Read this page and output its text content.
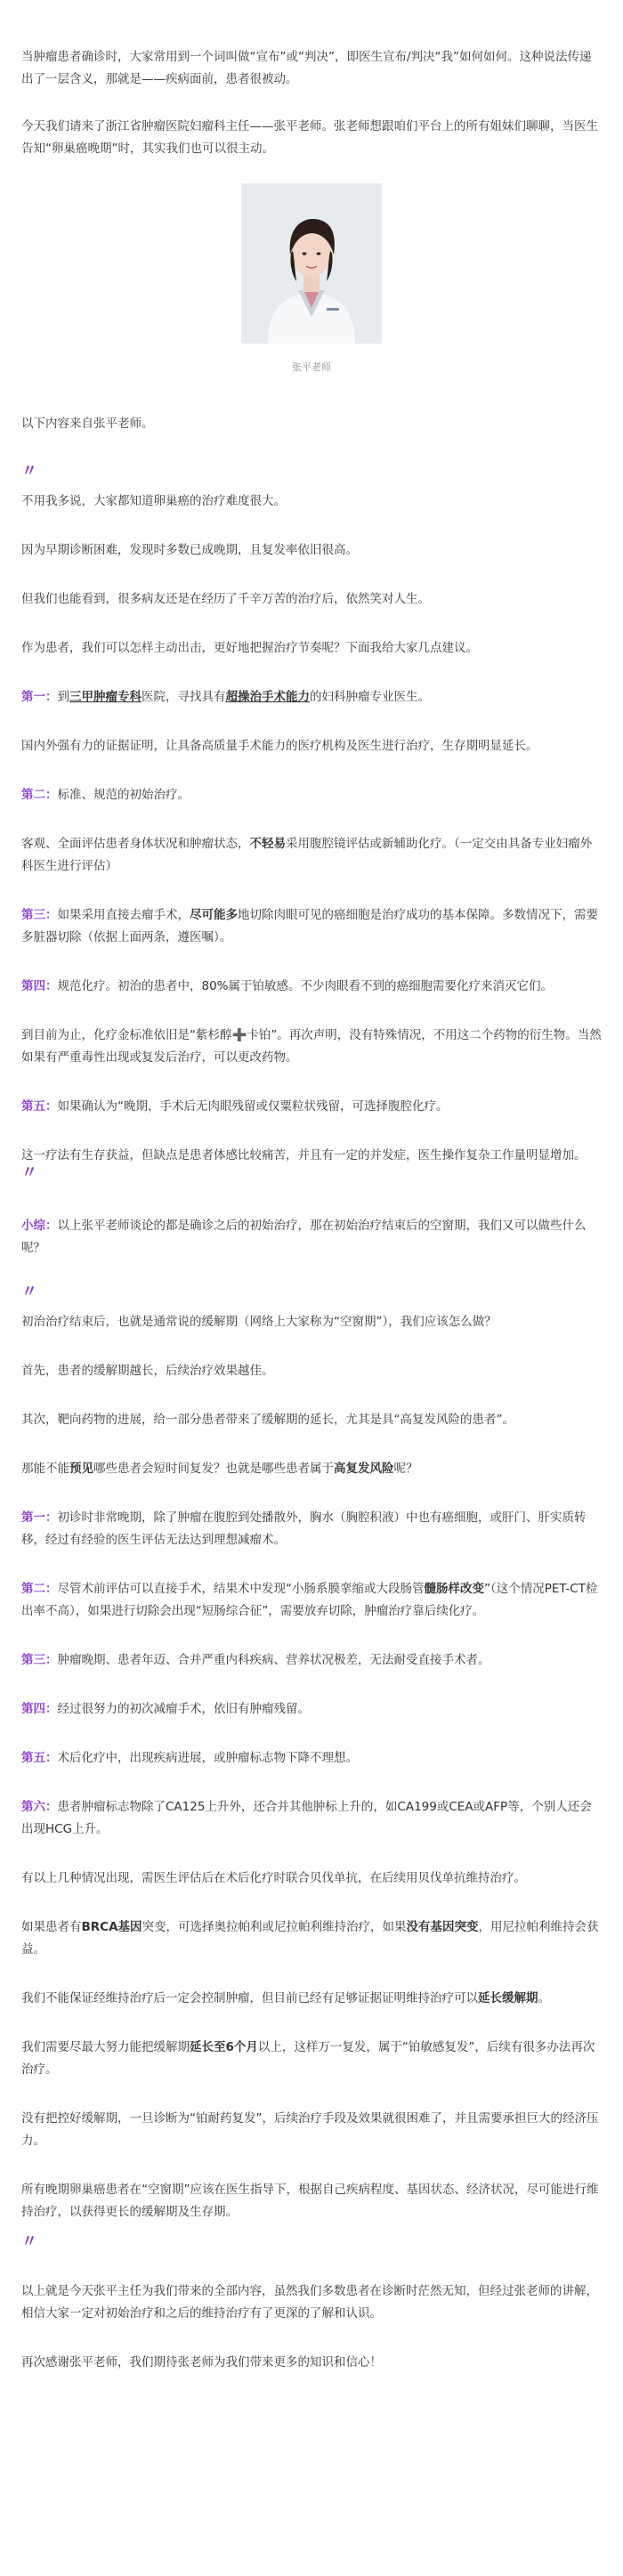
当肿瘤患者确诊时，大家常用到一个词叫做“宣布”或“判决”，即医生宣布/判决“我”如何如何。这种说法传递出了一层含义，那就是——疾病面前，患者很被动。

今天我们请来了浙江省肿瘤医院妇瘤科主任——张平老师。张老师想跟咱们平台上的所有姐妹们聊聊，当医生告知“卵巢癌晚期”时，其实我们也可以很主动。

张平老师

以下内容来自张平老师。

〃

不用我多说，大家都知道卵巢癌的治疗难度很大。

因为早期诊断困难，发现时多数已成晚期，且复发率依旧很高。

但我们也能看到，很多病友还是在经历了千辛万苦的治疗后，依然笑对人生。

作为患者，我们可以怎样主动出击，更好地把握治疗节奏呢？下面我给大家几点建议。

第一：到三甲肿瘤专科医院，寻找具有超操治手术能力的妇科肿瘤专业医生。

国内外强有力的证据证明，让具备高质量手术能力的医疗机构及医生进行治疗，生存期明显延长。

第二：标准、规范的初始治疗。

客观、全面评估患者身体状况和肿瘤状态，不轻易采用腹腔镜评估或新辅助化疗。（一定交由具备专业妇瘤外科医生进行评估）

第三：如果采用直接去瘤手术，尽可能多地切除肉眼可见的癌细胞是治疗成功的基本保障。多数情况下，需要多脏器切除（依据上面两条，遵医嘱）。

第四：规范化疗。初治的患者中，80%属于铂敏感。不少肉眼看不到的癌细胞需要化疗来消灭它们。

到目前为止，化疗金标准依旧是“紫杉醇➕卡铂”。再次声明，没有特殊情况，不用这二个药物的衍生物。当然如果有严重毒性出现或复发后治疗，可以更改药物。

第五：如果确认为“晚期，手术后无肉眼残留或仅粟粒状残留，可选择腹腔化疗。

这一疗法有生存获益，但缺点是患者体感比较痛苦，并且有一定的并发症，医生操作复杂工作量明显增加。

〃

小综：以上张平老师谈论的都是确诊之后的初始治疗，那在初始治疗结束后的空窗期，我们又可以做些什么呢？

〃

初治治疗结束后，也就是通常说的缓解期（网络上大家称为“空窗期”），我们应该怎么做？

首先，患者的缓解期越长，后续治疗效果越佳。

其次，靶向药物的进展，给一部分患者带来了缓解期的延长，尤其是具“高复发风险的患者”。

那能不能预见哪些患者会短时间复发？也就是哪些患者属于高复发风险呢？

第一：初诊时非常晚期，除了肿瘤在腹腔到处播散外，胸水（胸腔积液）中也有癌细胞，或肝门、肝实质转移，经过有经验的医生评估无法达到理想减瘤术。

第二：尽管术前评估可以直接手术，结果术中发现“小肠系膜挛缩或大段肠管髓肠样改变”（这个情况PET-CT检出率不高），如果进行切除会出现“短肠综合征”，需要放弃切除，肿瘤治疗靠后续化疗。

第三：肿瘤晚期、患者年迈、合并严重内科疾病、营养状况极差，无法耐受直接手术者。

第四：经过很努力的初次减瘤手术，依旧有肿瘤残留。

第五：术后化疗中，出现疾病进展，或肿瘤标志物下降不理想。

第六：患者肿瘤标志物除了CA125上升外，还合并其他肿标上升的，如CA199或CEA或AFP等，个别人还会出现HCG上升。

有以上几种情况出现，需医生评估后在术后化疗时联合贝伐单抗，在后续用贝伐单抗维持治疗。

如果患者有BRCA基因突变，可选择奥拉帕利或尼拉帕利维持治疗，如果没有基因突变，用尼拉帕利维持会获益。

我们不能保证经维持治疗后一定会控制肿瘤，但目前已经有足够证据证明维持治疗可以延长缓解期。

我们需要尽最大努力能把缓解期延长至6个月以上，这样万一复发，属于“铂敏感复发”，后续有很多办法再次治疗。

没有把控好缓解期，一旦诊断为“铂耐药复发”，后续治疗手段及效果就很困难了，并且需要承担巨大的经济压力。

所有晚期卵巢癌患者在“空窗期”应该在医生指导下，根据自己疾病程度、基因状态、经济状况，尽可能进行维持治疗，以获得更长的缓解期及生存期。

〃

以上就是今天张平主任为我们带来的全部内容，虽然我们多数患者在诊断时茫然无知，但经过张老师的讲解，相信大家一定对初始治疗和之后的维持治疗有了更深的了解和认识。

再次感谢张平老师，我们期待张老师为我们带来更多的知识和信心！
